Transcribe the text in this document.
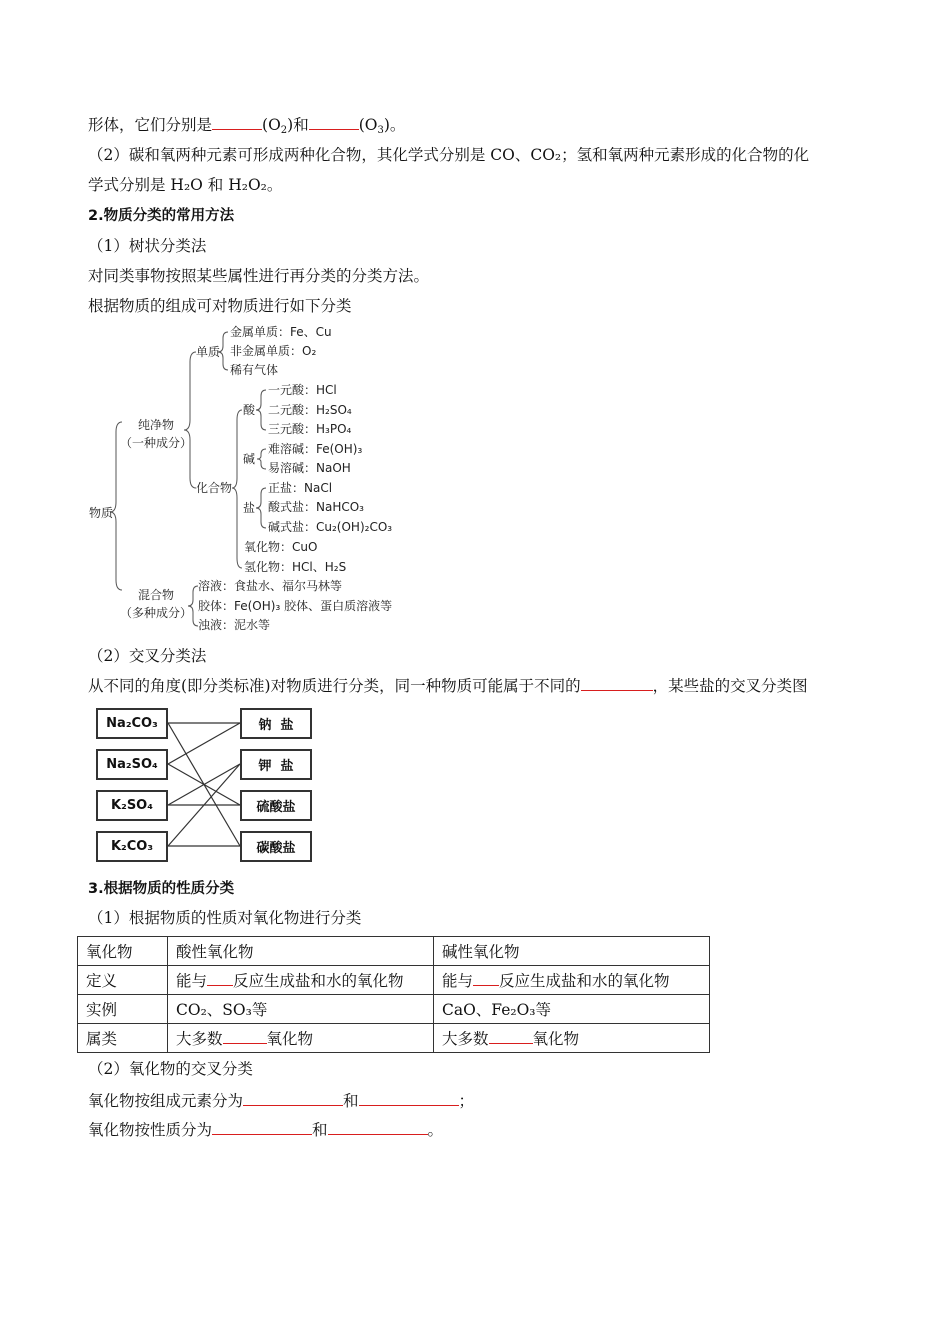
形体，它们分别是	$(O_2)$和	$(O_3)$。
（2）碳和氧两种元素可形成两种化合物，其化学式分别是 CO、CO₂；氢和氧两种元素形成的化合物的化
学式分别是 H₂O 和 H₂O₂。
2.物质分类的常用方法
（1）树状分类法
对同类事物按照某些属性进行再分类的分类方法。
根据物质的组成可对物质进行如下分类
物质
纯净物
（一种成分）
混合物
（多种成分）
单质
化合物
金属单质：Fe、Cu
非金属单质：O₂
稀有气体
酸
一元酸：HCl
二元酸：H₂SO₄
三元酸：H₃PO₄
碱
难溶碱：Fe(OH)₃
易溶碱：NaOH
盐
正盐：NaCl
酸式盐：NaHCO₃
碱式盐：Cu₂(OH)₂CO₃
氧化物：CuO
氢化物：HCl、H₂S
溶液：食盐水、福尔马林等
胶体：Fe(OH)₃ 胶体、蛋白质溶液等
浊液：泥水等
（2）交叉分类法
从不同的角度(即分类标准)对物质进行分类，同一种物质可能属于不同的	，某些盐的交叉分类图
Na₂CO₃
Na₂SO₄
K₂SO₄
K₂CO₃
钠  盐
钾  盐
硫酸盐
碳酸盐
3.根据物质的性质分类
（1）根据物质的性质对氧化物进行分类
氧化物	酸性氧化物	碱性氧化物
定义	能与 反应生成盐和水的氧化物	能与 反应生成盐和水的氧化物
实例	CO₂、SO₃等	CaO、Fe₂O₃等
属类	大多数 氧化物	大多数 氧化物
（2）氧化物的交叉分类
氧化物按组成元素分为	和	；
氧化物按性质分为	和	。
